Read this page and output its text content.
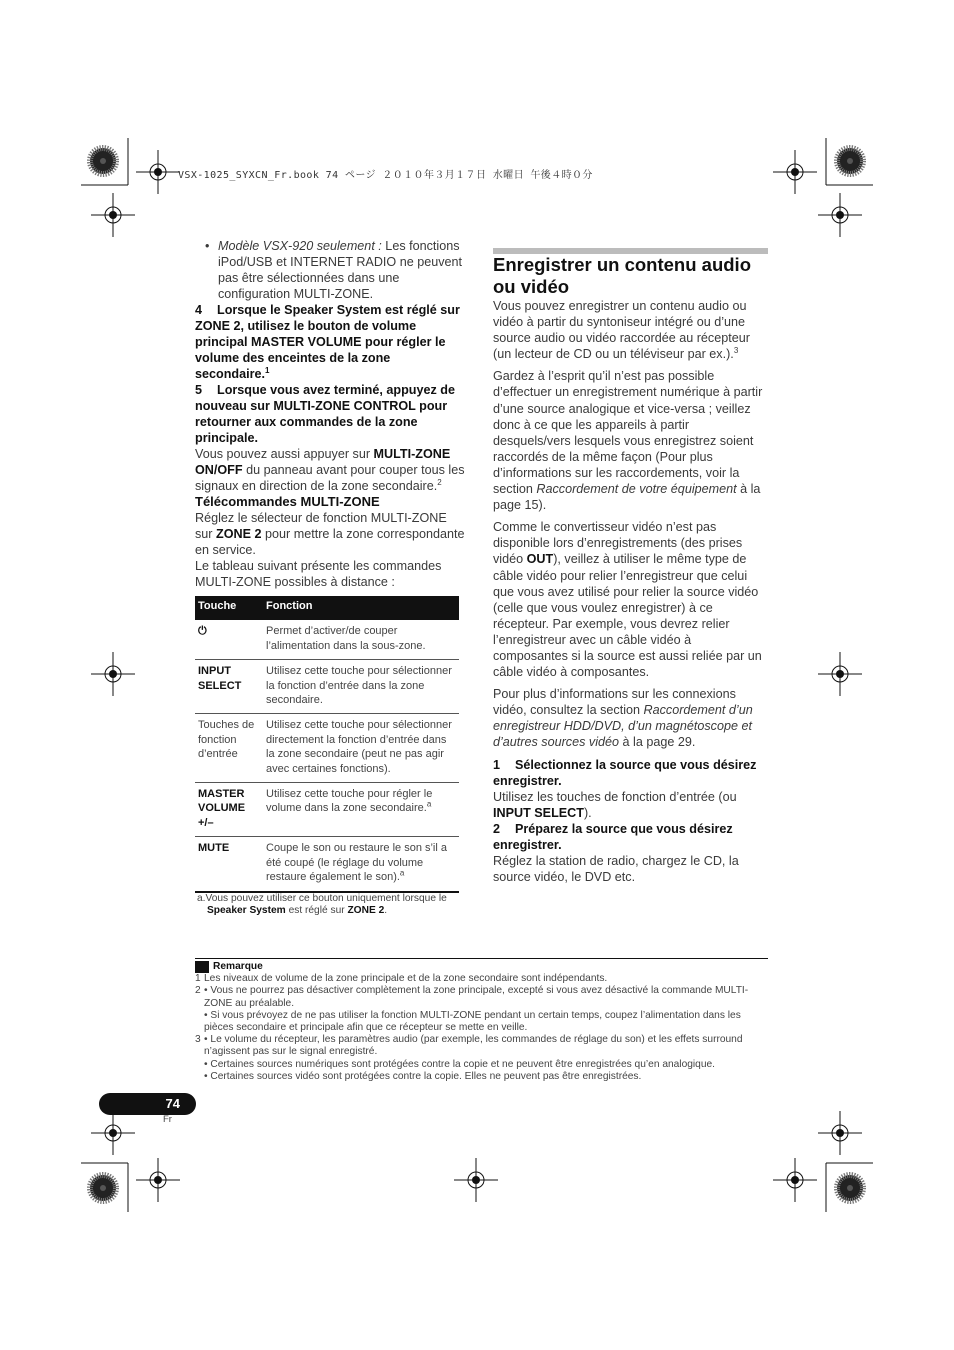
VSX-1025_SYXCN_Fr.book 74 ページ ２０１０年３月１７日 水曜日 午後４時０分

• Modèle VSX-920 seulement : Les fonctions iPod/USB et INTERNET RADIO ne peuvent pas être sélectionnées dans une configuration MULTI-ZONE.

4 Lorsque le Speaker System est réglé sur ZONE 2, utilisez le bouton de volume principal MASTER VOLUME pour régler le volume des enceintes de la zone secondaire.$^1$

5 Lorsque vous avez terminé, appuyez de nouveau sur MULTI-ZONE CONTROL pour retourner aux commandes de la zone principale.

Vous pouvez aussi appuyer sur MULTI-ZONE ON/OFF du panneau avant pour couper tous les signaux en direction de la zone secondaire.$^2$

Télécommandes MULTI-ZONE

Réglez le sélecteur de fonction MULTI-ZONE sur ZONE 2 pour mettre la zone correspondante en service.

Le tableau suivant présente les commandes MULTI-ZONE possibles à distance :

Touche	Fonction
⏻	Permet d’activer/de couper l’alimentation dans la sous-zone.
INPUT SELECT	Utilisez cette touche pour sélectionner la fonction d’entrée dans la zone secondaire.
Touches de fonction d’entrée	Utilisez cette touche pour sélectionner directement la fonction d’entrée dans la zone secondaire (peut ne pas agir avec certaines fonctions).
MASTER VOLUME +/–	Utilisez cette touche pour régler le volume dans la zone secondaire.$^a$
MUTE	Coupe le son ou restaure le son s’il a été coupé (le réglage du volume restaure également le son).$^a$

a.Vous pouvez utiliser ce bouton uniquement lorsque le Speaker System est réglé sur ZONE 2.

Enregistrer un contenu audio ou vidéo

Vous pouvez enregistrer un contenu audio ou vidéo à partir du syntoniseur intégré ou d’une source audio ou vidéo raccordée au récepteur (un lecteur de CD ou un téléviseur par ex.).$^3$

Gardez à l’esprit qu’il n’est pas possible d’effectuer un enregistrement numérique à partir d’une source analogique et vice-versa ; veillez donc à ce que les appareils à partir desquels/vers lesquels vous enregistrez soient raccordés de la même façon (Pour plus d’informations sur les raccordements, voir la section Raccordement de votre équipement à la page 15).

Comme le convertisseur vidéo n’est pas disponible lors d’enregistrements (des prises vidéo OUT), veillez à utiliser le même type de câble vidéo pour relier l’enregistreur que celui que vous avez utilisé pour relier la source vidéo (celle que vous voulez enregistrer) à ce récepteur. Par exemple, vous devrez relier l’enregistreur avec un câble vidéo à composantes si la source est aussi reliée par un câble vidéo à composantes.

Pour plus d’informations sur les connexions vidéo, consultez la section Raccordement d’un enregistreur HDD/DVD, d’un magnétoscope et d’autres sources vidéo à la page 29.

1 Sélectionnez la source que vous désirez enregistrer.

Utilisez les touches de fonction d’entrée (ou INPUT SELECT).

2 Préparez la source que vous désirez enregistrer.

Réglez la station de radio, chargez le CD, la source vidéo, le DVD etc.

Remarque
1 Les niveaux de volume de la zone principale et de la zone secondaire sont indépendants.
2 • Vous ne pourrez pas désactiver complètement la zone principale, excepté si vous avez désactivé la commande MULTI-ZONE au préalable.
• Si vous prévoyez de ne pas utiliser la fonction MULTI-ZONE pendant un certain temps, coupez l’alimentation dans les pièces secondaire et principale afin que ce récepteur se mette en veille.
3 • Le volume du récepteur, les paramètres audio (par exemple, les commandes de réglage du son) et les effets surround n’agissent pas sur le signal enregistré.
• Certaines sources numériques sont protégées contre la copie et ne peuvent être enregistrées qu’en analogique.
• Certaines sources vidéo sont protégées contre la copie. Elles ne peuvent pas être enregistrées.
74
Fr
